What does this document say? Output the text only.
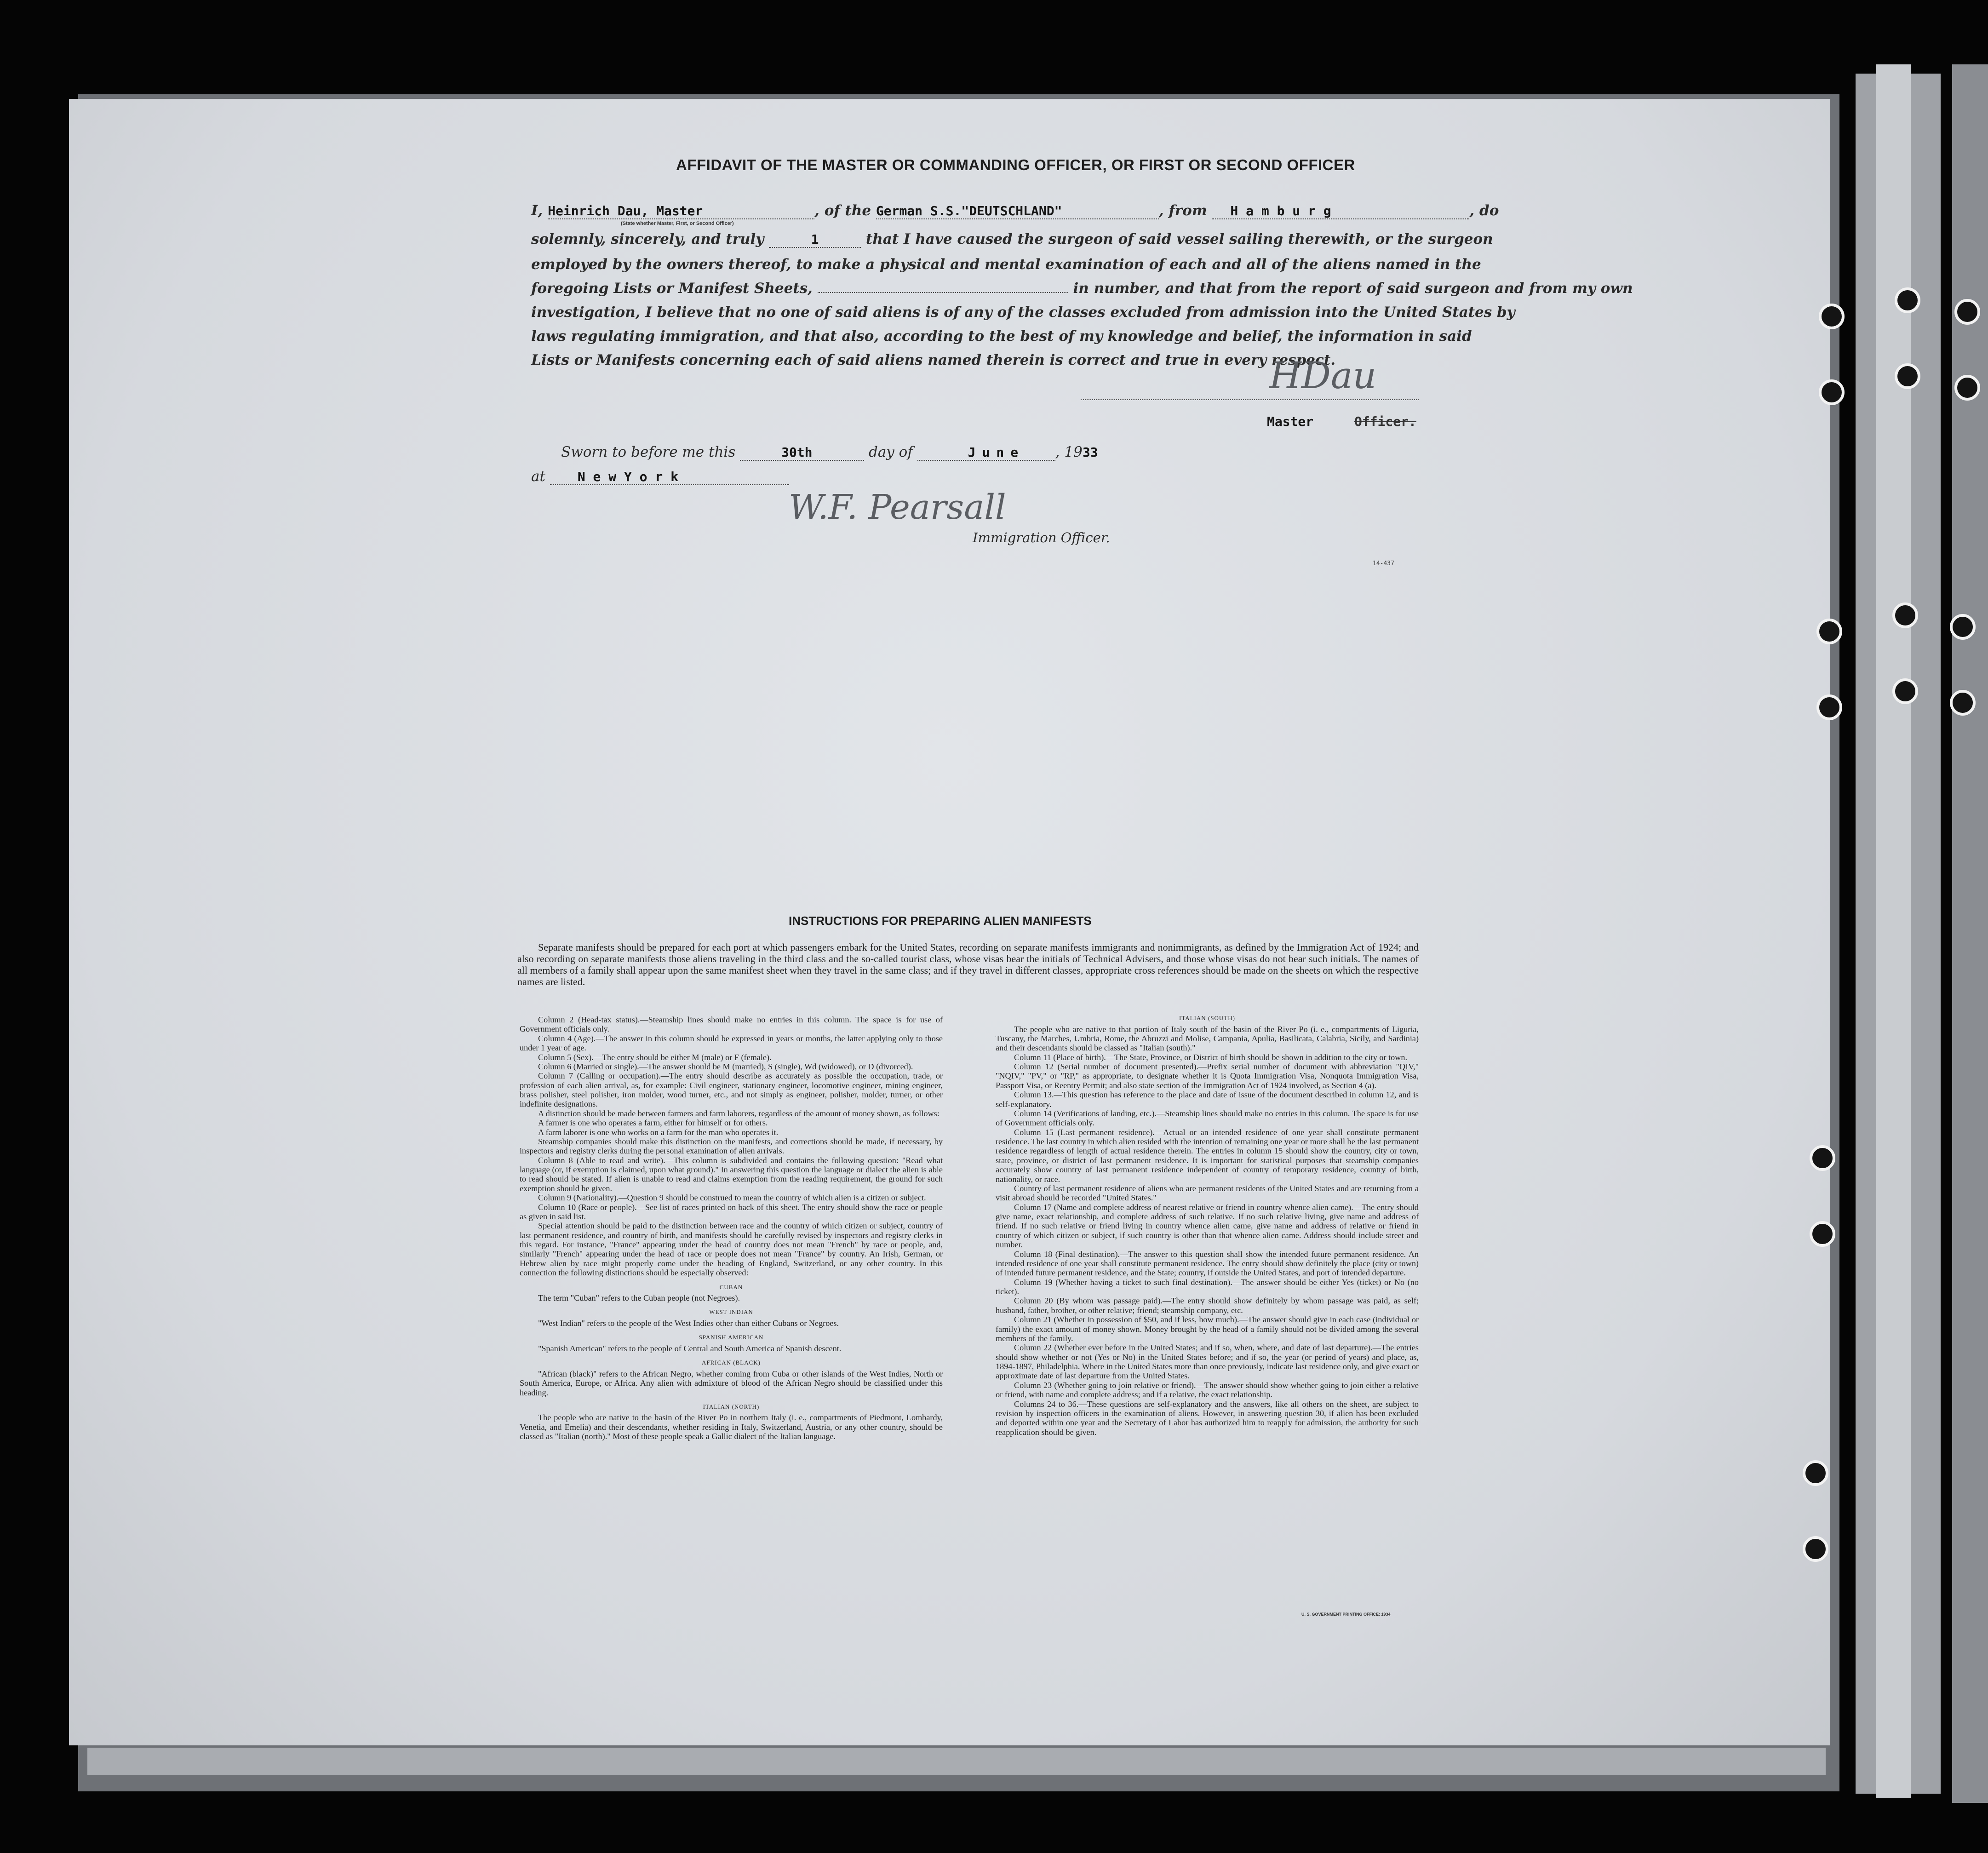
AFFIDAVIT OF THE MASTER OR COMMANDING OFFICER, OR FIRST OR SECOND OFFICER
I, Heinrich Dau, Master	, of the German S.S."DEUTSCHLAND"	, from H a m b u r g	, do
(State whether Master, First, or Second Officer)
solemnly, sincerely, and truly	1	that I have caused the surgeon of said vessel sailing therewith, or the surgeon
employed by the owners thereof, to make a physical and mental examination of each and all of the aliens named in the
foregoing Lists or Manifest Sheets,	in number, and that from the report of said surgeon and from my own
investigation, I believe that no one of said aliens is of any of the classes excluded from admission into the United States by
laws regulating immigration, and that also, according to the best of my knowledge and belief, the information in said
Lists or Manifests concerning each of said aliens named therein is correct and true in every respect.
HDau
Master	Officer.
Sworn to before me this	30th	day of	June , 1933
at N e w Y o r k
W.F. Pearsall
Immigration Officer.
14-437
INSTRUCTIONS FOR PREPARING ALIEN MANIFESTS
Separate manifests should be prepared for each port at which passengers embark for the United States, recording on separate manifests immigrants and nonimmigrants, as defined by the Immigration Act of 1924; and also recording on separate manifests those aliens traveling in the third class and the so-called tourist class, whose visas bear the initials of Technical Advisers, and those whose visas do not bear such initials. The names of all members of a family shall appear upon the same manifest sheet when they travel in the same class; and if they travel in different classes, appropriate cross references should be made on the sheets on which the respective names are listed.

Column 2 (Head-tax status).—Steamship lines should make no entries in this column. The space is for use of Government officials only.

Column 4 (Age).—The answer in this column should be expressed in years or months, the latter applying only to those under 1 year of age.

Column 5 (Sex).—The entry should be either M (male) or F (female).

Column 6 (Married or single).—The answer should be M (married), S (single), Wd (widowed), or D (divorced).

Column 7 (Calling or occupation).—The entry should describe as accurately as possible the occupation, trade, or profession of each alien arrival, as, for example: Civil engineer, stationary engineer, locomotive engineer, mining engineer, brass polisher, steel polisher, iron molder, wood turner, etc., and not simply as engineer, polisher, molder, turner, or other indefinite designations.

A distinction should be made between farmers and farm laborers, regardless of the amount of money shown, as follows:

A farmer is one who operates a farm, either for himself or for others.

A farm laborer is one who works on a farm for the man who operates it.

Steamship companies should make this distinction on the manifests, and corrections should be made, if necessary, by inspectors and registry clerks during the personal examination of alien arrivals.

Column 8 (Able to read and write).—This column is subdivided and contains the following question: "Read what language (or, if exemption is claimed, upon what ground)." In answering this question the language or dialect the alien is able to read should be stated. If alien is unable to read and claims exemption from the reading requirement, the ground for such exemption should be given.

Column 9 (Nationality).—Question 9 should be construed to mean the country of which alien is a citizen or subject.

Column 10 (Race or people).—See list of races printed on back of this sheet. The entry should show the race or people as given in said list.

Special attention should be paid to the distinction between race and the country of which citizen or subject, country of last permanent residence, and country of birth, and manifests should be carefully revised by inspectors and registry clerks in this regard. For instance, "France" appearing under the head of country does not mean "French" by race or people, and, similarly "French" appearing under the head of race or people does not mean "France" by country. An Irish, German, or Hebrew alien by race might properly come under the heading of England, Switzerland, or any other country. In this connection the following distinctions should be especially observed:

CUBAN

The term "Cuban" refers to the Cuban people (not Negroes).

WEST INDIAN

"West Indian" refers to the people of the West Indies other than either Cubans or Negroes.

SPANISH AMERICAN

"Spanish American" refers to the people of Central and South America of Spanish descent.

AFRICAN (BLACK)

"African (black)" refers to the African Negro, whether coming from Cuba or other islands of the West Indies, North or South America, Europe, or Africa. Any alien with admixture of blood of the African Negro should be classified under this heading.

ITALIAN (NORTH)

The people who are native to the basin of the River Po in northern Italy (i. e., compartments of Piedmont, Lombardy, Venetia, and Emelia) and their descendants, whether residing in Italy, Switzerland, Austria, or any other country, should be classed as "Italian (north)." Most of these people speak a Gallic dialect of the Italian language.

ITALIAN (SOUTH)

The people who are native to that portion of Italy south of the basin of the River Po (i. e., compartments of Liguria, Tuscany, the Marches, Umbria, Rome, the Abruzzi and Molise, Campania, Apulia, Basilicata, Calabria, Sicily, and Sardinia) and their descendants should be classed as "Italian (south)."

Column 11 (Place of birth).—The State, Province, or District of birth should be shown in addition to the city or town.

Column 12 (Serial number of document presented).—Prefix serial number of document with abbreviation "QIV," "NQIV," "PV," or "RP," as appropriate, to designate whether it is Quota Immigration Visa, Nonquota Immigration Visa, Passport Visa, or Reentry Permit; and also state section of the Immigration Act of 1924 involved, as Section 4 (a).

Column 13.—This question has reference to the place and date of issue of the document described in column 12, and is self-explanatory.

Column 14 (Verifications of landing, etc.).—Steamship lines should make no entries in this column. The space is for use of Government officials only.

Column 15 (Last permanent residence).—Actual or an intended residence of one year shall constitute permanent residence. The last country in which alien resided with the intention of remaining one year or more shall be the last permanent residence regardless of length of actual residence therein. The entries in column 15 should show the country, city or town, state, province, or district of last permanent residence. It is important for statistical purposes that steamship companies accurately show country of last permanent residence independent of country of temporary residence, country of birth, nationality, or race.

Country of last permanent residence of aliens who are permanent residents of the United States and are returning from a visit abroad should be recorded "United States."

Column 17 (Name and complete address of nearest relative or friend in country whence alien came).—The entry should give name, exact relationship, and complete address of such relative. If no such relative living, give name and address of friend. If no such relative or friend living in country whence alien came, give name and address of relative or friend in country of which citizen or subject, if such country is other than that whence alien came. Address should include street and number.

Column 18 (Final destination).—The answer to this question shall show the intended future permanent residence. An intended residence of one year shall constitute permanent residence. The entry should show definitely the place (city or town) of intended future permanent residence, and the State; country, if outside the United States, and port of intended departure.

Column 19 (Whether having a ticket to such final destination).—The answer should be either Yes (ticket) or No (no ticket).

Column 20 (By whom was passage paid).—The entry should show definitely by whom passage was paid, as self; husband, father, brother, or other relative; friend; steamship company, etc.

Column 21 (Whether in possession of $50, and if less, how much).—The answer should give in each case (individual or family) the exact amount of money shown. Money brought by the head of a family should not be divided among the several members of the family.

Column 22 (Whether ever before in the United States; and if so, when, where, and date of last departure).—The entries should show whether or not (Yes or No) in the United States before; and if so, the year (or period of years) and place, as, 1894-1897, Philadelphia. Where in the United States more than once previously, indicate last residence only, and give exact or approximate date of last departure from the United States.

Column 23 (Whether going to join relative or friend).—The answer should show whether going to join either a relative or friend, with name and complete address; and if a relative, the exact relationship.

Columns 24 to 36.—These questions are self-explanatory and the answers, like all others on the sheet, are subject to revision by inspection officers in the examination of aliens. However, in answering question 30, if alien has been excluded and deported within one year and the Secretary of Labor has authorized him to reapply for admission, the authority for such reapplication should be given.

U. S. GOVERNMENT PRINTING OFFICE: 1934
